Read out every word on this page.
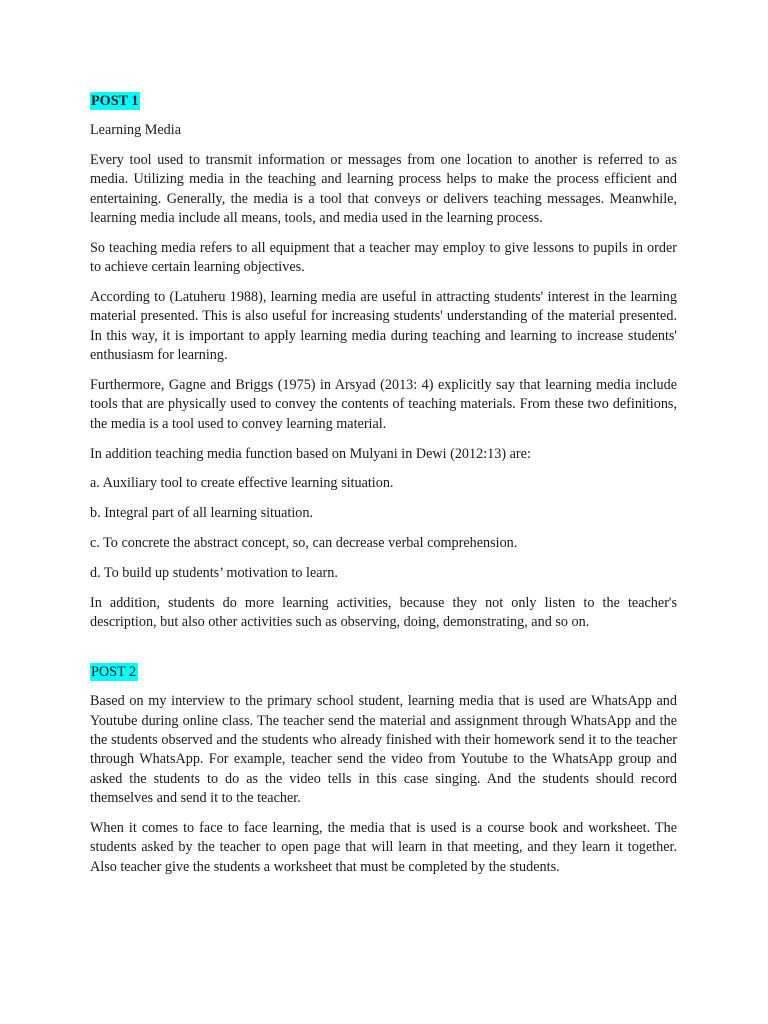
POST 1
Learning Media

Every tool used to transmit information or messages from one location to another is referred to as media. Utilizing media in the teaching and learning process helps to make the process efficient and entertaining. Generally, the media is a tool that conveys or delivers teaching messages. Meanwhile, learning media include all means, tools, and media used in the learning process.

So teaching media refers to all equipment that a teacher may employ to give lessons to pupils in order to achieve certain learning objectives.

According to (Latuheru 1988), learning media are useful in attracting students' interest in the learning material presented. This is also useful for increasing students' understanding of the material presented. In this way, it is important to apply learning media during teaching and learning to increase students' enthusiasm for learning.

Furthermore, Gagne and Briggs (1975) in Arsyad (2013: 4) explicitly say that learning media include tools that are physically used to convey the contents of teaching materials. From these two definitions, the media is a tool used to convey learning material.

In addition teaching media function based on Mulyani in Dewi (2012:13) are:

a. Auxiliary tool to create effective learning situation.
b. Integral part of all learning situation.
c. To concrete the abstract concept, so, can decrease verbal comprehension.
d. To build up students’ motivation to learn.

In addition, students do more learning activities, because they not only listen to the teacher's description, but also other activities such as observing, doing, demonstrating, and so on.

POST 2

Based on my interview to the primary school student, learning media that is used are WhatsApp and Youtube during online class. The teacher send the material and assignment through WhatsApp and the the students observed and the students who already finished with their homework send it to the teacher through WhatsApp. For example, teacher send the video from Youtube to the WhatsApp group and asked the students to do as the video tells in this case singing. And the students should record themselves and send it to the teacher.

When it comes to face to face learning, the media that is used is a course book and worksheet. The students asked by the teacher to open page that will learn in that meeting, and they learn it together. Also teacher give the students a worksheet that must be completed by the students.
